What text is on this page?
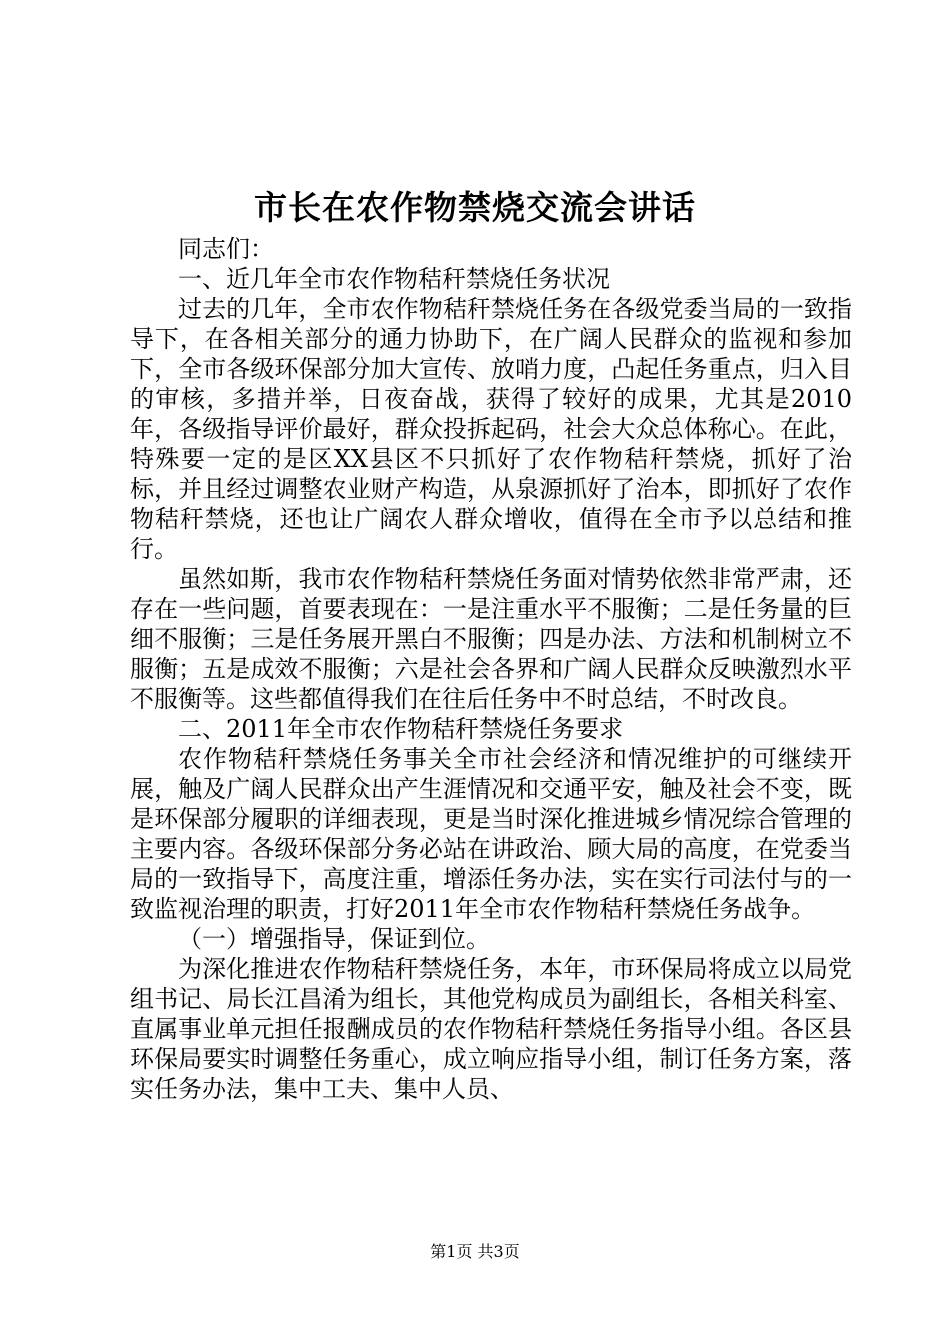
市长在农作物禁烧交流会讲话

同志们：

一、近几年全市农作物秸秆禁烧任务状况

过去的几年，全市农作物秸秆禁烧任务在各级党委当局的一致指导下，在各相关部分的通力协助下，在广阔人民群众的监视和参加下，全市各级环保部分加大宣传、放哨力度，凸起任务重点，归入目的审核，多措并举，日夜奋战，获得了较好的成果，尤其是2010年，各级指导评价最好，群众投拆起码，社会大众总体称心。在此，特殊要一定的是区XX县区不只抓好了农作物秸秆禁烧，抓好了治标，并且经过调整农业财产构造，从泉源抓好了治本，即抓好了农作物秸秆禁烧，还也让广阔农人群众增收，值得在全市予以总结和推行。

虽然如斯，我市农作物秸秆禁烧任务面对情势依然非常严肃，还存在一些问题，首要表现在：一是注重水平不服衡；二是任务量的巨细不服衡；三是任务展开黑白不服衡；四是办法、方法和机制树立不服衡；五是成效不服衡；六是社会各界和广阔人民群众反映激烈水平不服衡等。这些都值得我们在往后任务中不时总结，不时改良。

二、2011年全市农作物秸秆禁烧任务要求

农作物秸秆禁烧任务事关全市社会经济和情况维护的可继续开展，触及广阔人民群众出产生涯情况和交通平安，触及社会不变，既是环保部分履职的详细表现，更是当时深化推进城乡情况综合管理的主要内容。各级环保部分务必站在讲政治、顾大局的高度，在党委当局的一致指导下，高度注重，增添任务办法，实在实行司法付与的一致监视治理的职责，打好2011年全市农作物秸秆禁烧任务战争。

（一）增强指导，保证到位。

为深化推进农作物秸秆禁烧任务，本年，市环保局将成立以局党组书记、局长江昌淆为组长，其他党构成员为副组长，各相关科室、直属事业单元担任报酬成员的农作物秸秆禁烧任务指导小组。各区县环保局要实时调整任务重心，成立响应指导小组，制订任务方案，落实任务办法，集中工夫、集中人员、

第1页 共3页
